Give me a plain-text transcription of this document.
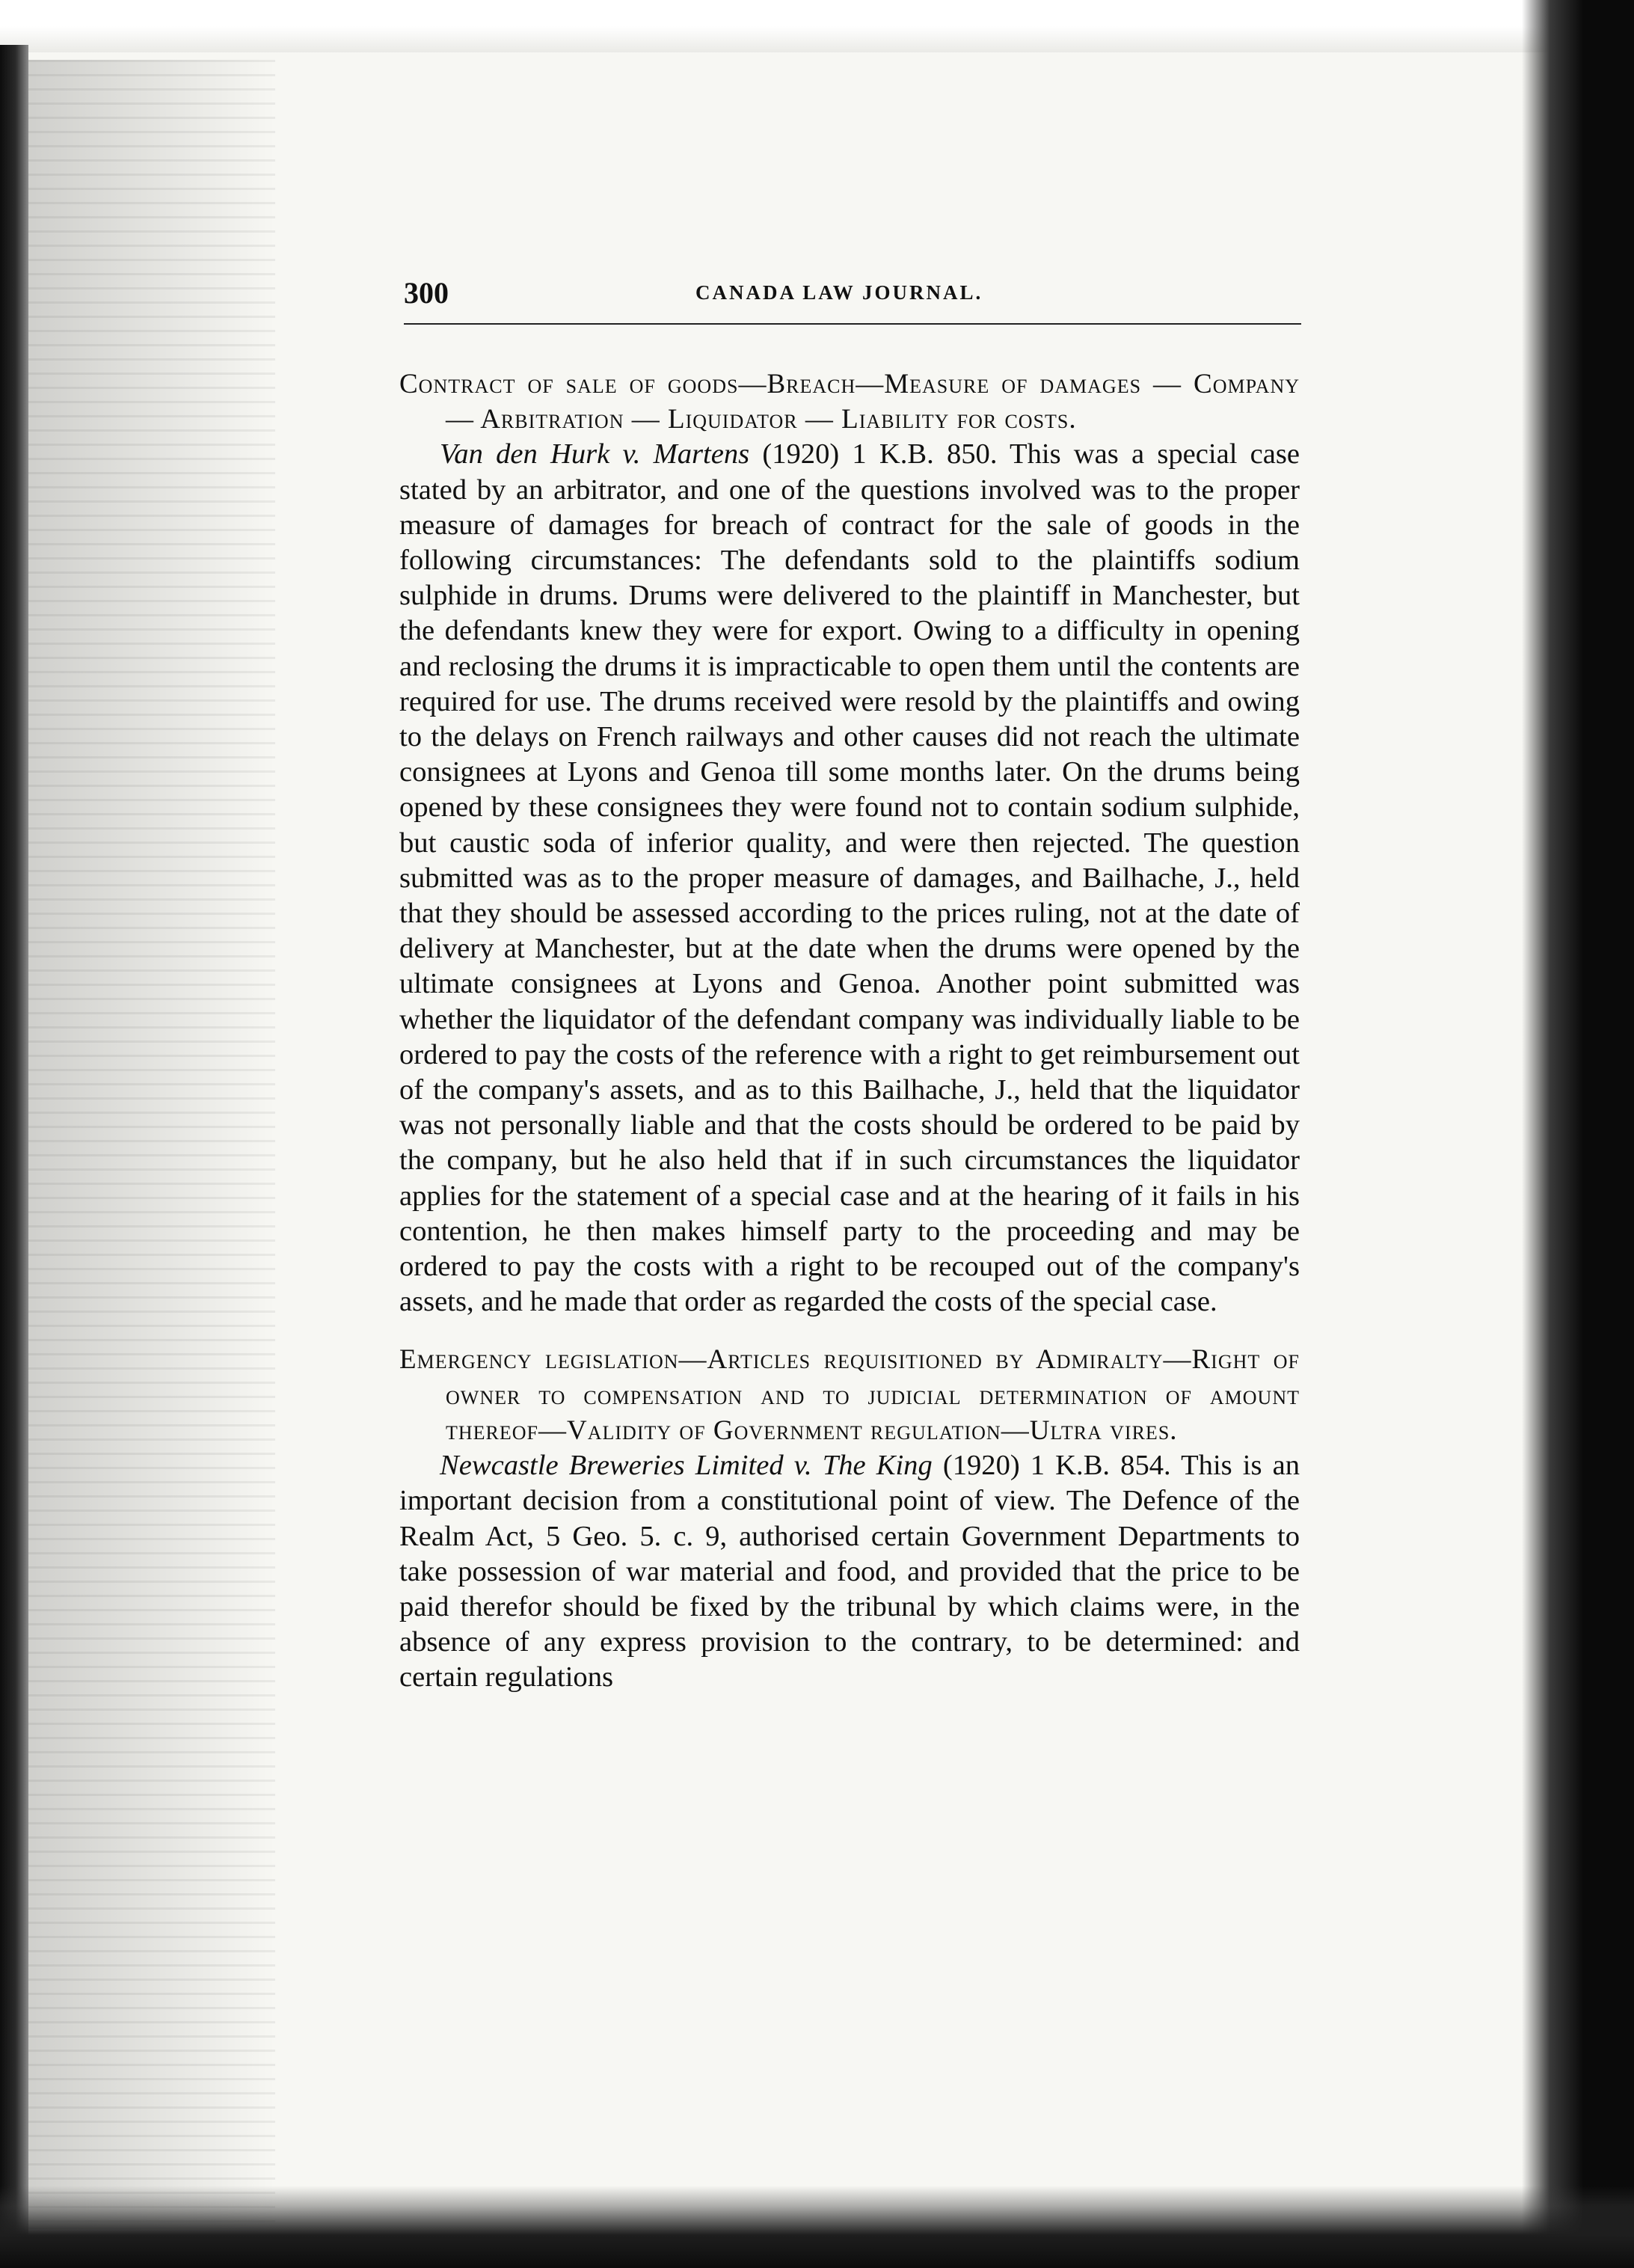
300	CANADA LAW JOURNAL.

Contract of sale of goods—Breach—Measure of damages — Company — Arbitration — Liquidator — Liability for costs.

Van den Hurk v. Martens (1920) 1 K.B. 850. This was a special case stated by an arbitrator, and one of the questions involved was to the proper measure of damages for breach of contract for the sale of goods in the following circumstances: The defendants sold to the plaintiffs sodium sulphide in drums. Drums were delivered to the plaintiff in Manchester, but the defendants knew they were for export. Owing to a difficulty in opening and reclosing the drums it is impracticable to open them until the contents are required for use. The drums received were resold by the plaintiffs and owing to the delays on French railways and other causes did not reach the ultimate consignees at Lyons and Genoa till some months later. On the drums being opened by these consignees they were found not to contain sodium sulphide, but caustic soda of inferior quality, and were then rejected. The question submitted was as to the proper measure of damages, and Bailhache, J., held that they should be assessed according to the prices ruling, not at the date of delivery at Manchester, but at the date when the drums were opened by the ultimate consignees at Lyons and Genoa. Another point submitted was whether the liquidator of the defendant company was individually liable to be ordered to pay the costs of the reference with a right to get reimbursement out of the company's assets, and as to this Bailhache, J., held that the liquidator was not personally liable and that the costs should be ordered to be paid by the company, but he also held that if in such circumstances the liquidator applies for the statement of a special case and at the hearing of it fails in his contention, he then makes himself party to the proceeding and may be ordered to pay the costs with a right to be recouped out of the company's assets, and he made that order as regarded the costs of the special case.

Emergency legislation—Articles requisitioned by Admiralty—Right of owner to compensation and to judicial determination of amount thereof—Validity of Government regulation—Ultra vires.

Newcastle Breweries Limited v. The King (1920) 1 K.B. 854. This is an important decision from a constitutional point of view. The Defence of the Realm Act, 5 Geo. 5. c. 9, authorised certain Government Departments to take possession of war material and food, and provided that the price to be paid therefor should be fixed by the tribunal by which claims were, in the absence of any express provision to the contrary, to be determined: and certain regulations
